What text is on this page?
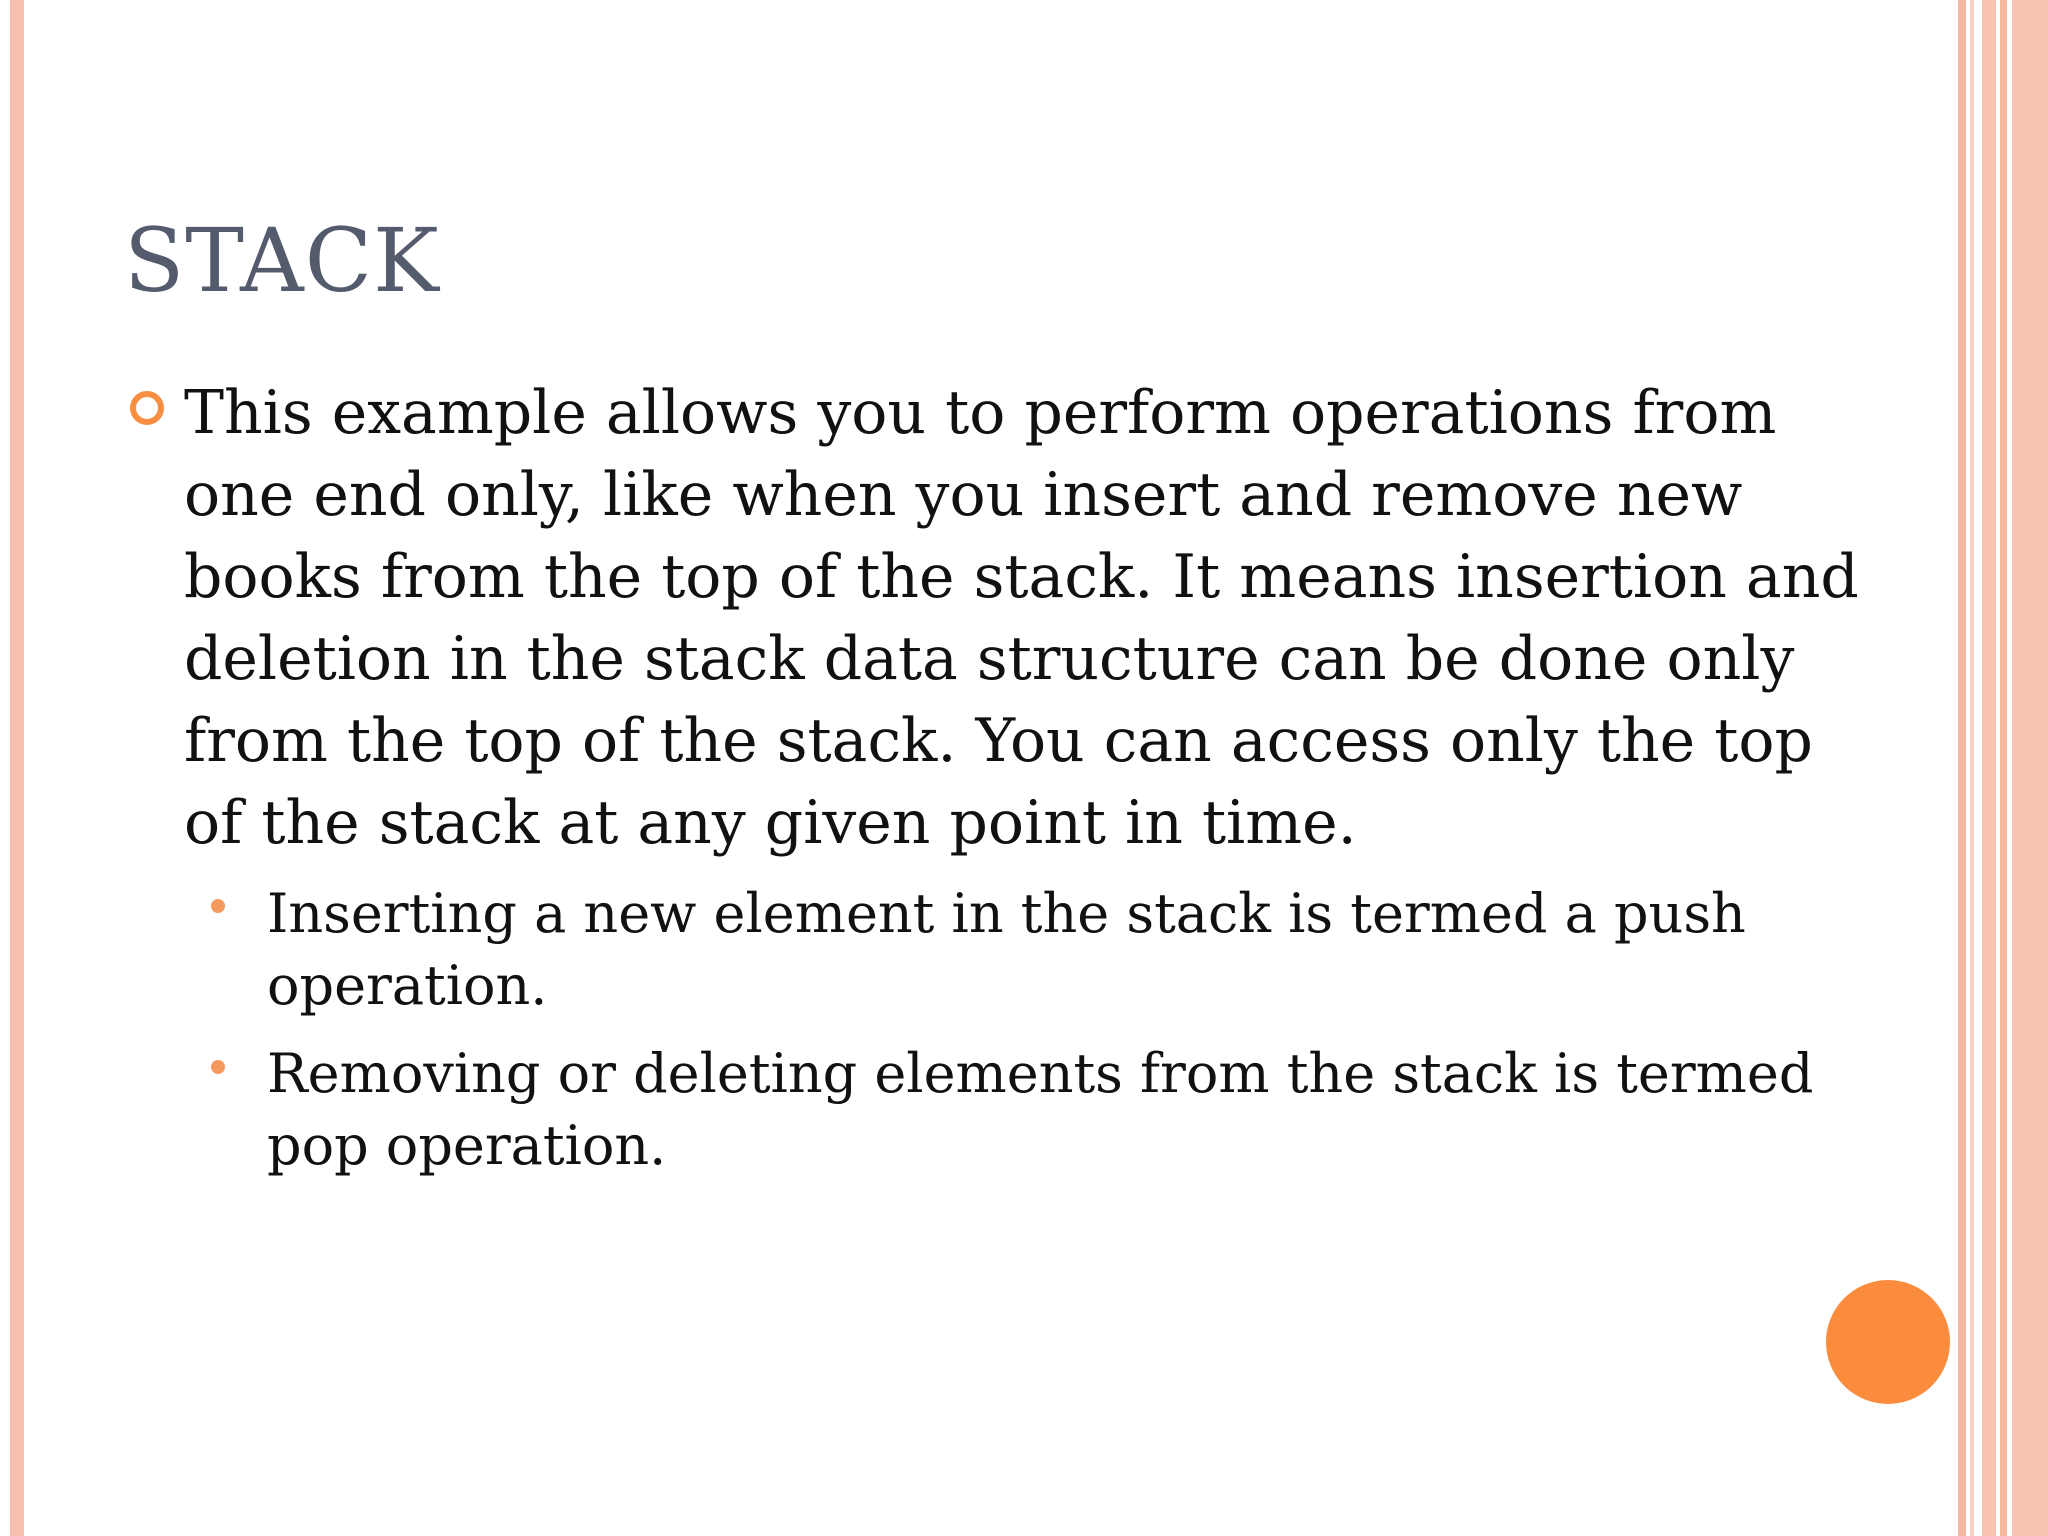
STACK

This example allows you to perform operations from
one end only, like when you insert and remove new
books from the top of the stack. It means insertion and
deletion in the stack data structure can be done only
from the top of the stack. You can access only the top
of the stack at any given point in time.

Inserting a new element in the stack is termed a push
operation.

Removing or deleting elements from the stack is termed
pop operation.
